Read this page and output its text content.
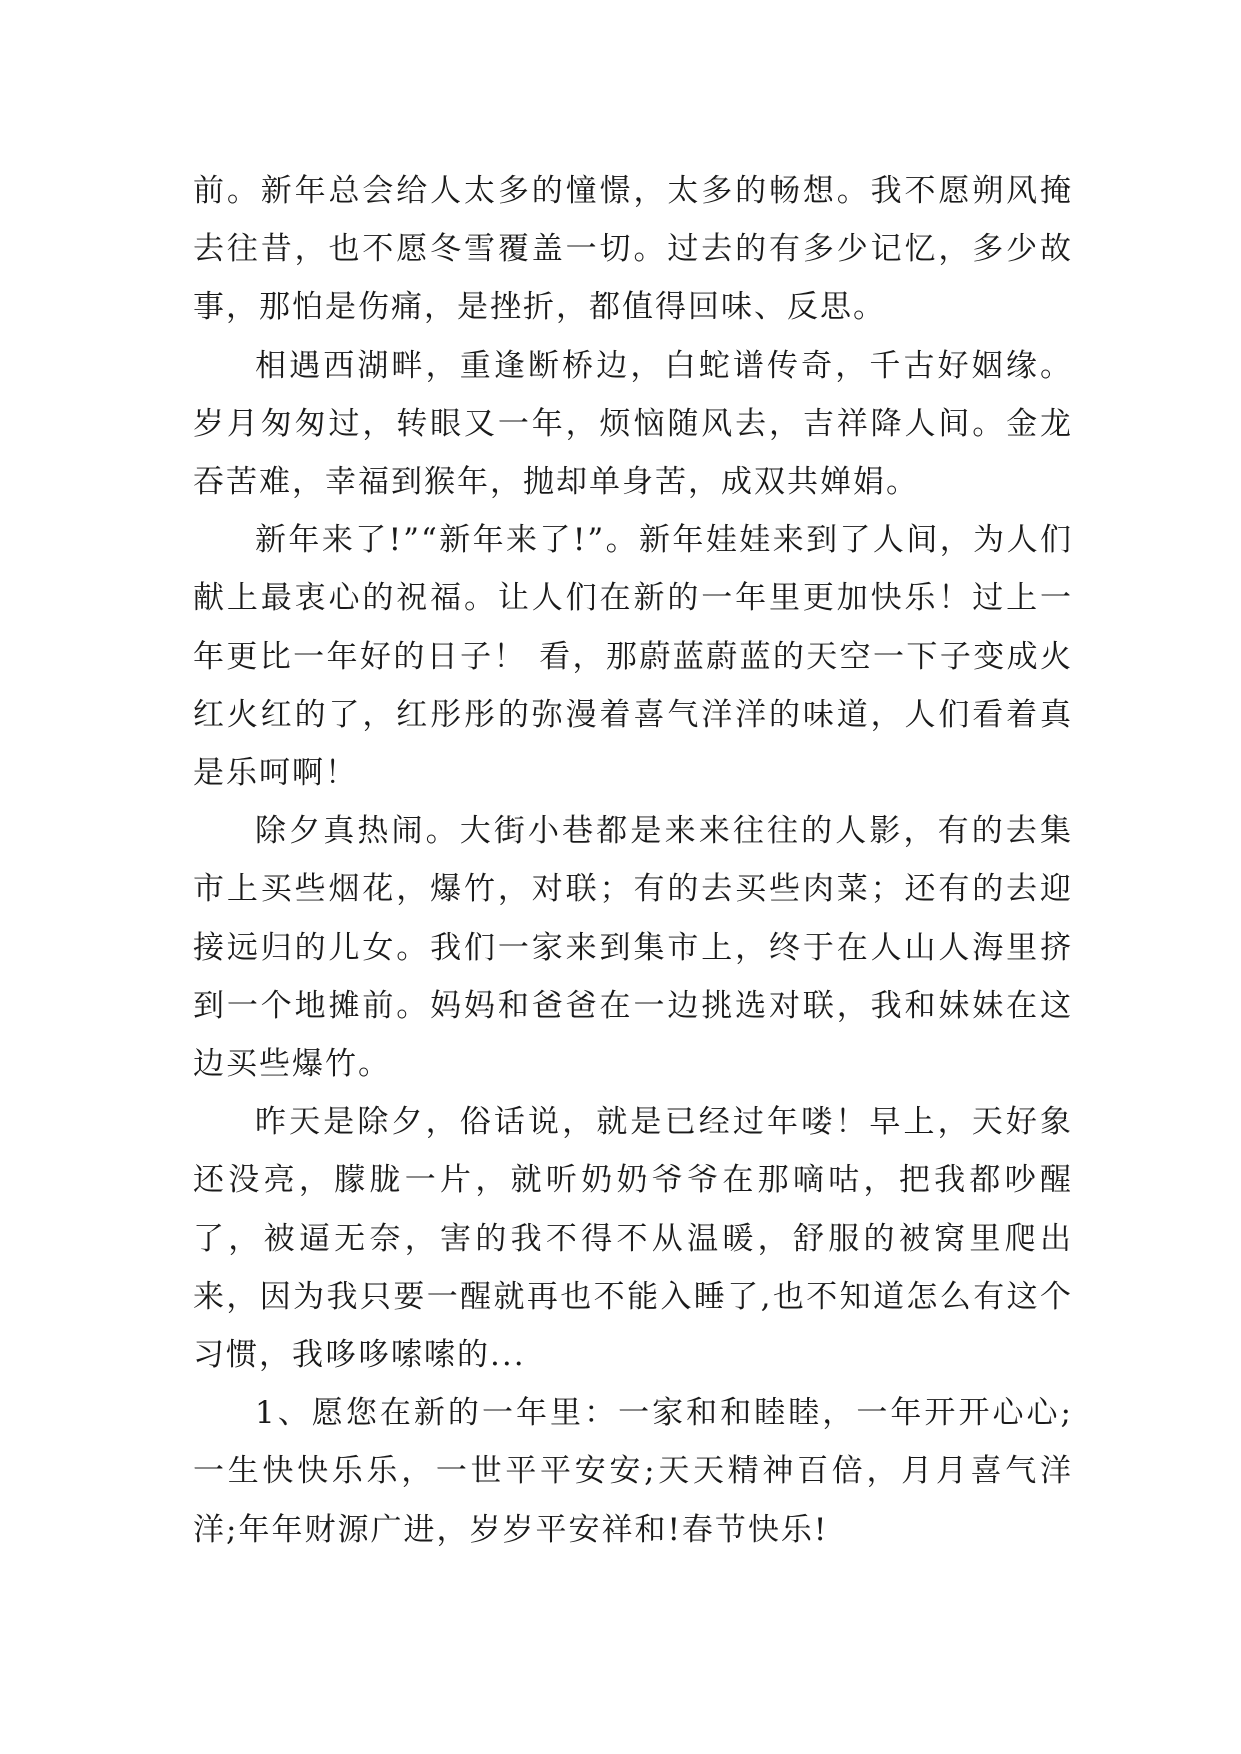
前。新年总会给人太多的憧憬，太多的畅想。我不愿朔风掩去往昔，也不愿冬雪覆盖一切。过去的有多少记忆，多少故事，那怕是伤痛，是挫折，都值得回味、反思。

相遇西湖畔，重逢断桥边，白蛇谱传奇，千古好姻缘。岁月匆匆过，转眼又一年，烦恼随风去，吉祥降人间。金龙吞苦难，幸福到猴年，抛却单身苦，成双共婵娟。

新年来了!”“新年来了!”。新年娃娃来到了人间，为人们献上最衷心的祝福。让人们在新的一年里更加快乐！过上一年更比一年好的日子！ 看，那蔚蓝蔚蓝的天空一下子变成火红火红的了，红彤彤的弥漫着喜气洋洋的味道，人们看着真是乐呵啊！

除夕真热闹。大街小巷都是来来往往的人影，有的去集市上买些烟花，爆竹，对联；有的去买些肉菜；还有的去迎接远归的儿女。我们一家来到集市上，终于在人山人海里挤到一个地摊前。妈妈和爸爸在一边挑选对联，我和妹妹在这边买些爆竹。

昨天是除夕，俗话说，就是已经过年喽！早上，天好象还没亮，朦胧一片，就听奶奶爷爷在那嘀咕，把我都吵醒了，被逼无奈，害的我不得不从温暖，舒服的被窝里爬出来，因为我只要一醒就再也不能入睡了,也不知道怎么有这个习惯，我哆哆嗦嗦的...

1、愿您在新的一年里：一家和和睦睦，一年开开心心;一生快快乐乐，一世平平安安;天天精神百倍，月月喜气洋洋;年年财源广进，岁岁平安祥和!春节快乐!
